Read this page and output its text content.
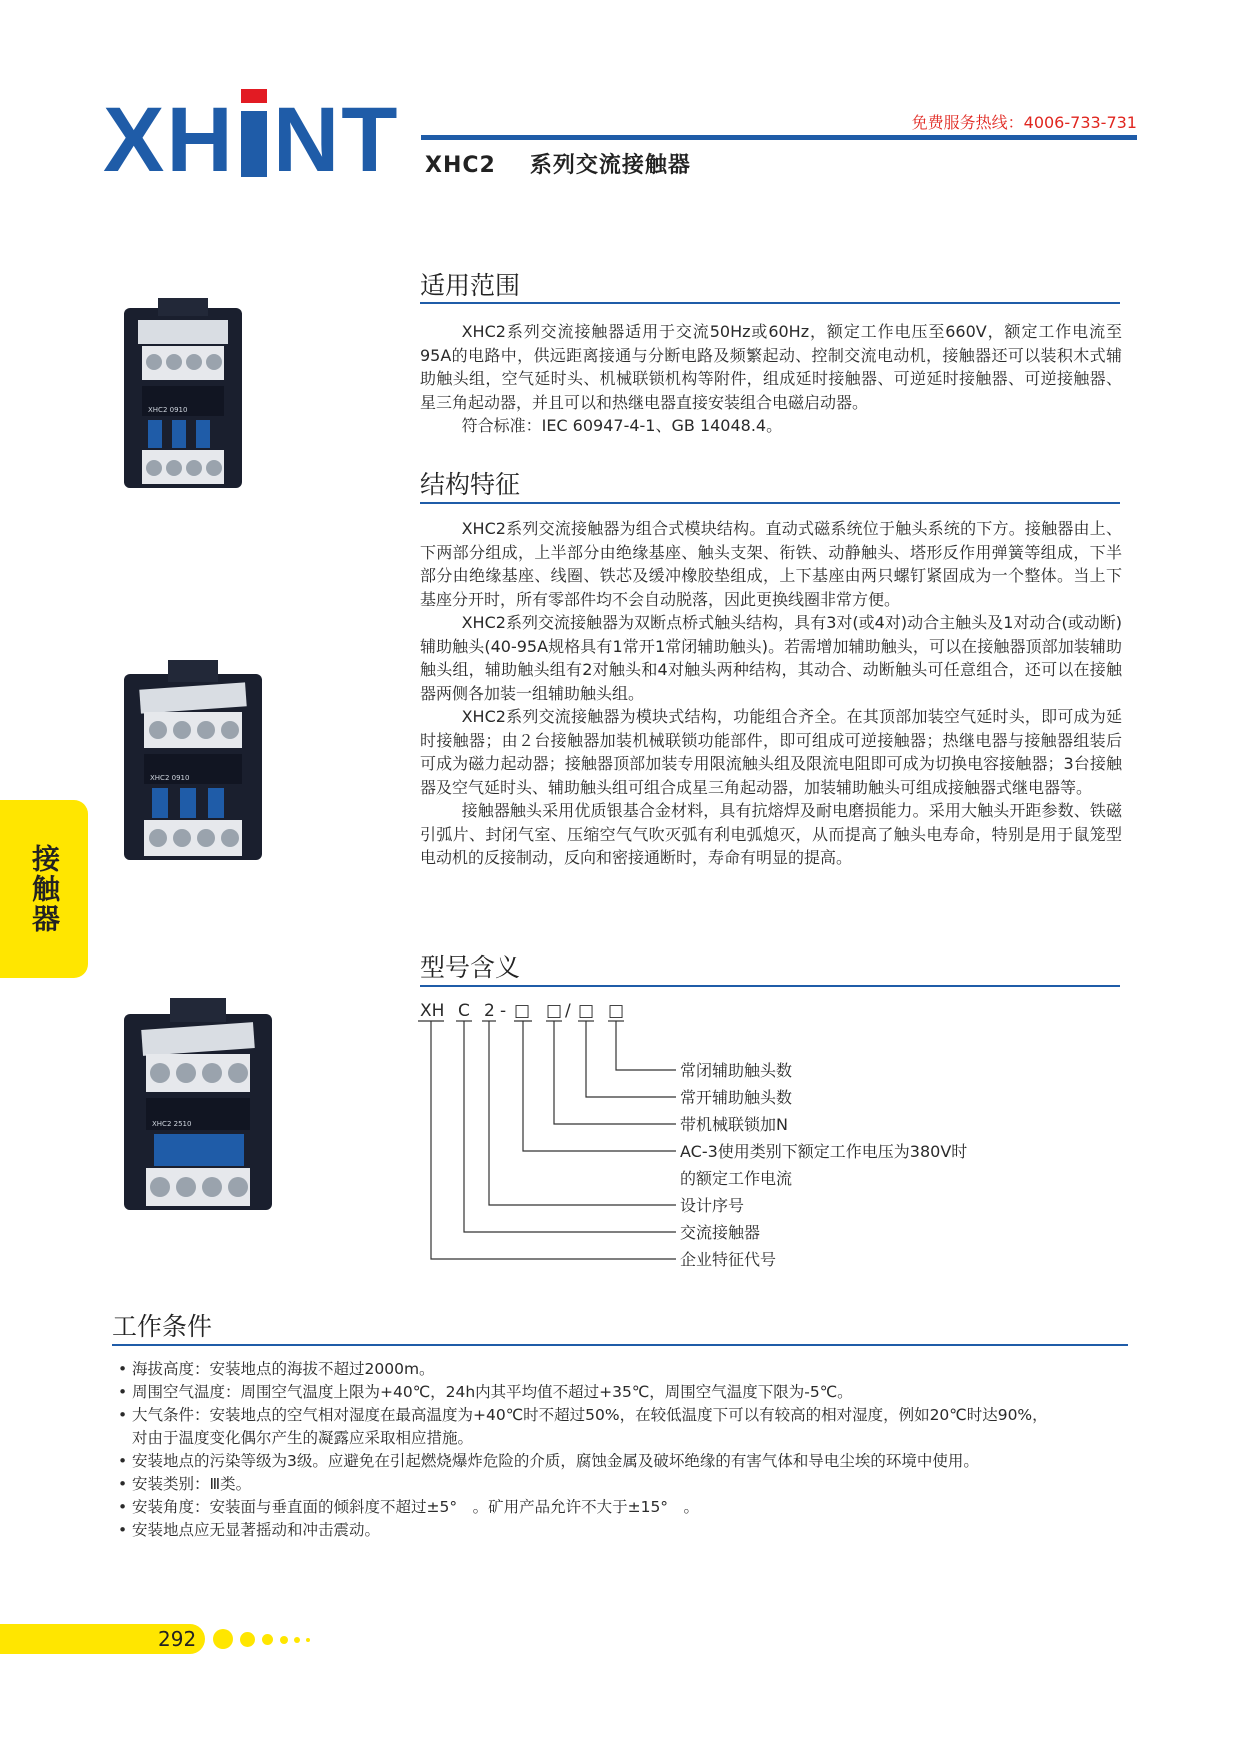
XH NT	免费服务热线：4006-733-731
XHC2 系列交流接触器
XHC2 0910
XHC2 0910
XHC2 2510
接触器
适用范围

XHC2系列交流接触器适用于交流50Hz或60Hz，额定工作电压至660V，额定工作电流至95A的电路中，供远距离接通与分断电路及频繁起动、控制交流电动机，接触器还可以装积木式辅助触头组，空气延时头、机械联锁机构等附件，组成延时接触器、可逆延时接触器、可逆接触器、星三角起动器，并且可以和热继电器直接安装组合电磁启动器。

符合标准：IEC 60947-4-1、GB 14048.4。

结构特征

XHC2系列交流接触器为组合式模块结构。直动式磁系统位于触头系统的下方。接触器由上、下两部分组成，上半部分由绝缘基座、触头支架、衔铁、动静触头、塔形反作用弹簧等组成，下半部分由绝缘基座、线圈、铁芯及缓冲橡胶垫组成，上下基座由两只螺钉紧固成为一个整体。当上下基座分开时，所有零部件均不会自动脱落，因此更换线圈非常方便。

XHC2系列交流接触器为双断点桥式触头结构，具有3对(或4对)动合主触头及1对动合(或动断)辅助触头(40-95A规格具有1常开1常闭辅助触头)。若需增加辅助触头，可以在接触器顶部加装辅助触头组，辅助触头组有2对触头和4对触头两种结构，其动合、动断触头可任意组合，还可以在接触器两侧各加装一组辅助触头组。

XHC2系列交流接触器为模块式结构，功能组合齐全。在其顶部加装空气延时头，即可成为延时接触器；由２台接触器加装机械联锁功能部件，即可组成可逆接触器；热继电器与接触器组装后可成为磁力起动器；接触器顶部加装专用限流触头组及限流电阻即可成为切换电容接触器；3台接触器及空气延时头、辅助触头组可组合成星三角起动器，加装辅助触头可组成接触器式继电器等。

接触器触头采用优质银基合金材料，具有抗熔焊及耐电磨损能力。采用大触头开距参数、铁磁引弧片、封闭气室、压缩空气气吹灭弧有利电弧熄灭，从而提高了触头电寿命，特别是用于鼠笼型电动机的反接制动，反向和密接通断时，寿命有明显的提高。

型号含义
XH C 2 - □ □ / □ □
常闭辅助触头数
常开辅助触头数
带机械联锁加N
AC-3使用类别下额定工作电压为380V时
的额定工作电流
设计序号
交流接触器
企业特征代号
工作条件
• 海拔高度：安装地点的海拔不超过2000m。
• 周围空气温度：周围空气温度上限为+40℃，24h内其平均值不超过+35℃，周围空气温度下限为-5℃。
• 大气条件：安装地点的空气相对湿度在最高温度为+40℃时不超过50%，在较低温度下可以有较高的相对湿度，例如20℃时达90%，
对由于温度变化偶尔产生的凝露应采取相应措施。
• 安装地点的污染等级为3级。应避免在引起燃烧爆炸危险的介质，腐蚀金属及破坏绝缘的有害气体和导电尘埃的环境中使用。
• 安装类别：Ⅲ类。
• 安装角度：安装面与垂直面的倾斜度不超过±5°　。矿用产品允许不大于±15°　。
• 安装地点应无显著摇动和冲击震动。
292
